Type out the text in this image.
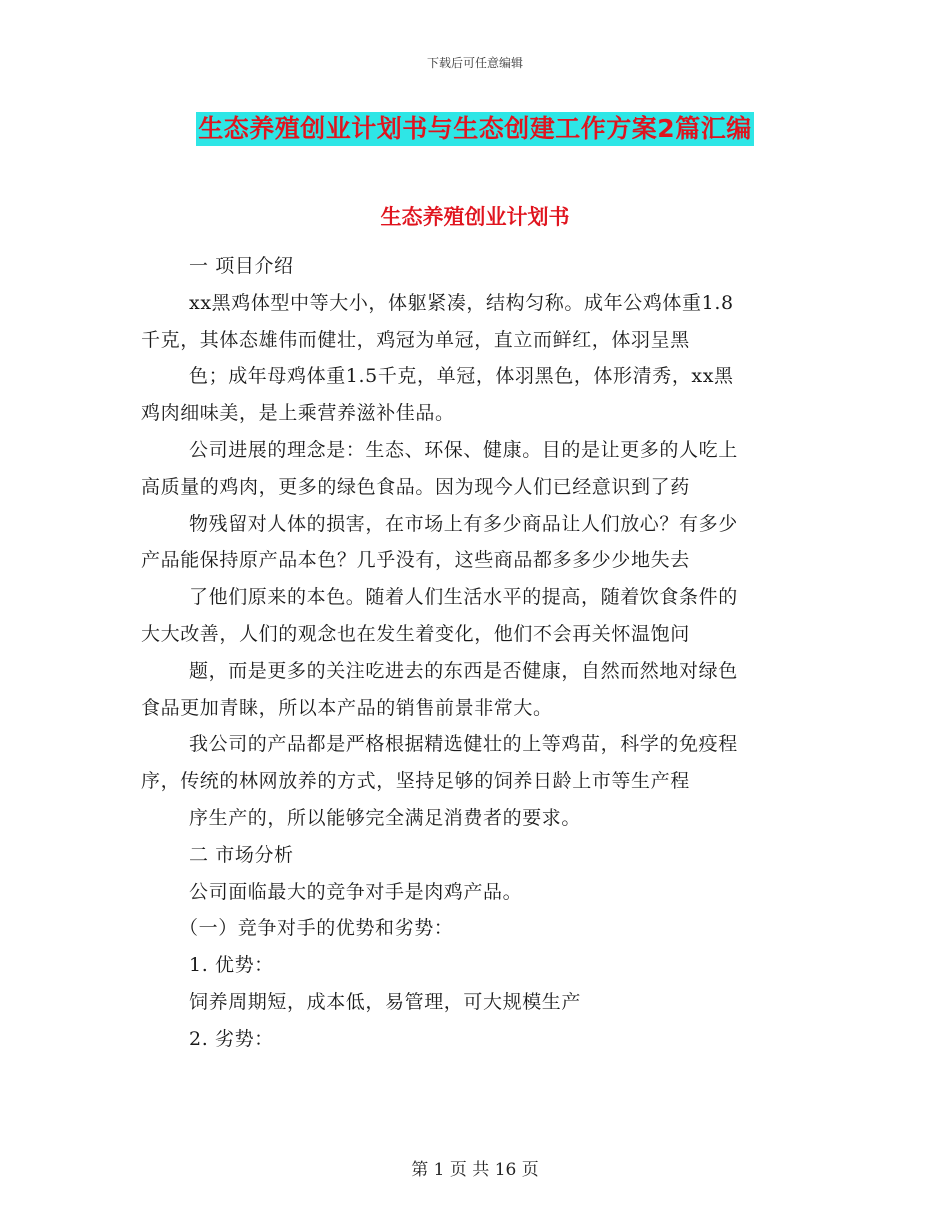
下载后可任意编辑
生态养殖创业计划书与生态创建工作方案2篇汇编
生态养殖创业计划书
一 项目介绍
xx黑鸡体型中等大小，体躯紧凑，结构匀称。成年公鸡体重1.8
千克，其体态雄伟而健壮，鸡冠为单冠，直立而鲜红，体羽呈黑
色；成年母鸡体重1.5千克，单冠，体羽黑色，体形清秀，xx黑
鸡肉细味美，是上乘营养滋补佳品。
公司进展的理念是：生态、环保、健康。目的是让更多的人吃上
高质量的鸡肉，更多的绿色食品。因为现今人们已经意识到了药
物残留对人体的损害，在市场上有多少商品让人们放心？有多少
产品能保持原产品本色？几乎没有，这些商品都多多少少地失去
了他们原来的本色。随着人们生活水平的提高，随着饮食条件的
大大改善，人们的观念也在发生着变化，他们不会再关怀温饱问
题，而是更多的关注吃进去的东西是否健康，自然而然地对绿色
食品更加青睐，所以本产品的销售前景非常大。
我公司的产品都是严格根据精选健壮的上等鸡苗，科学的免疫程
序，传统的林网放养的方式，坚持足够的饲养日龄上市等生产程
序生产的，所以能够完全满足消费者的要求。
二 市场分析
公司面临最大的竞争对手是肉鸡产品。
（一）竞争对手的优势和劣势：
1. 优势：
饲养周期短，成本低，易管理，可大规模生产
2. 劣势：
第 1 页 共 16 页
